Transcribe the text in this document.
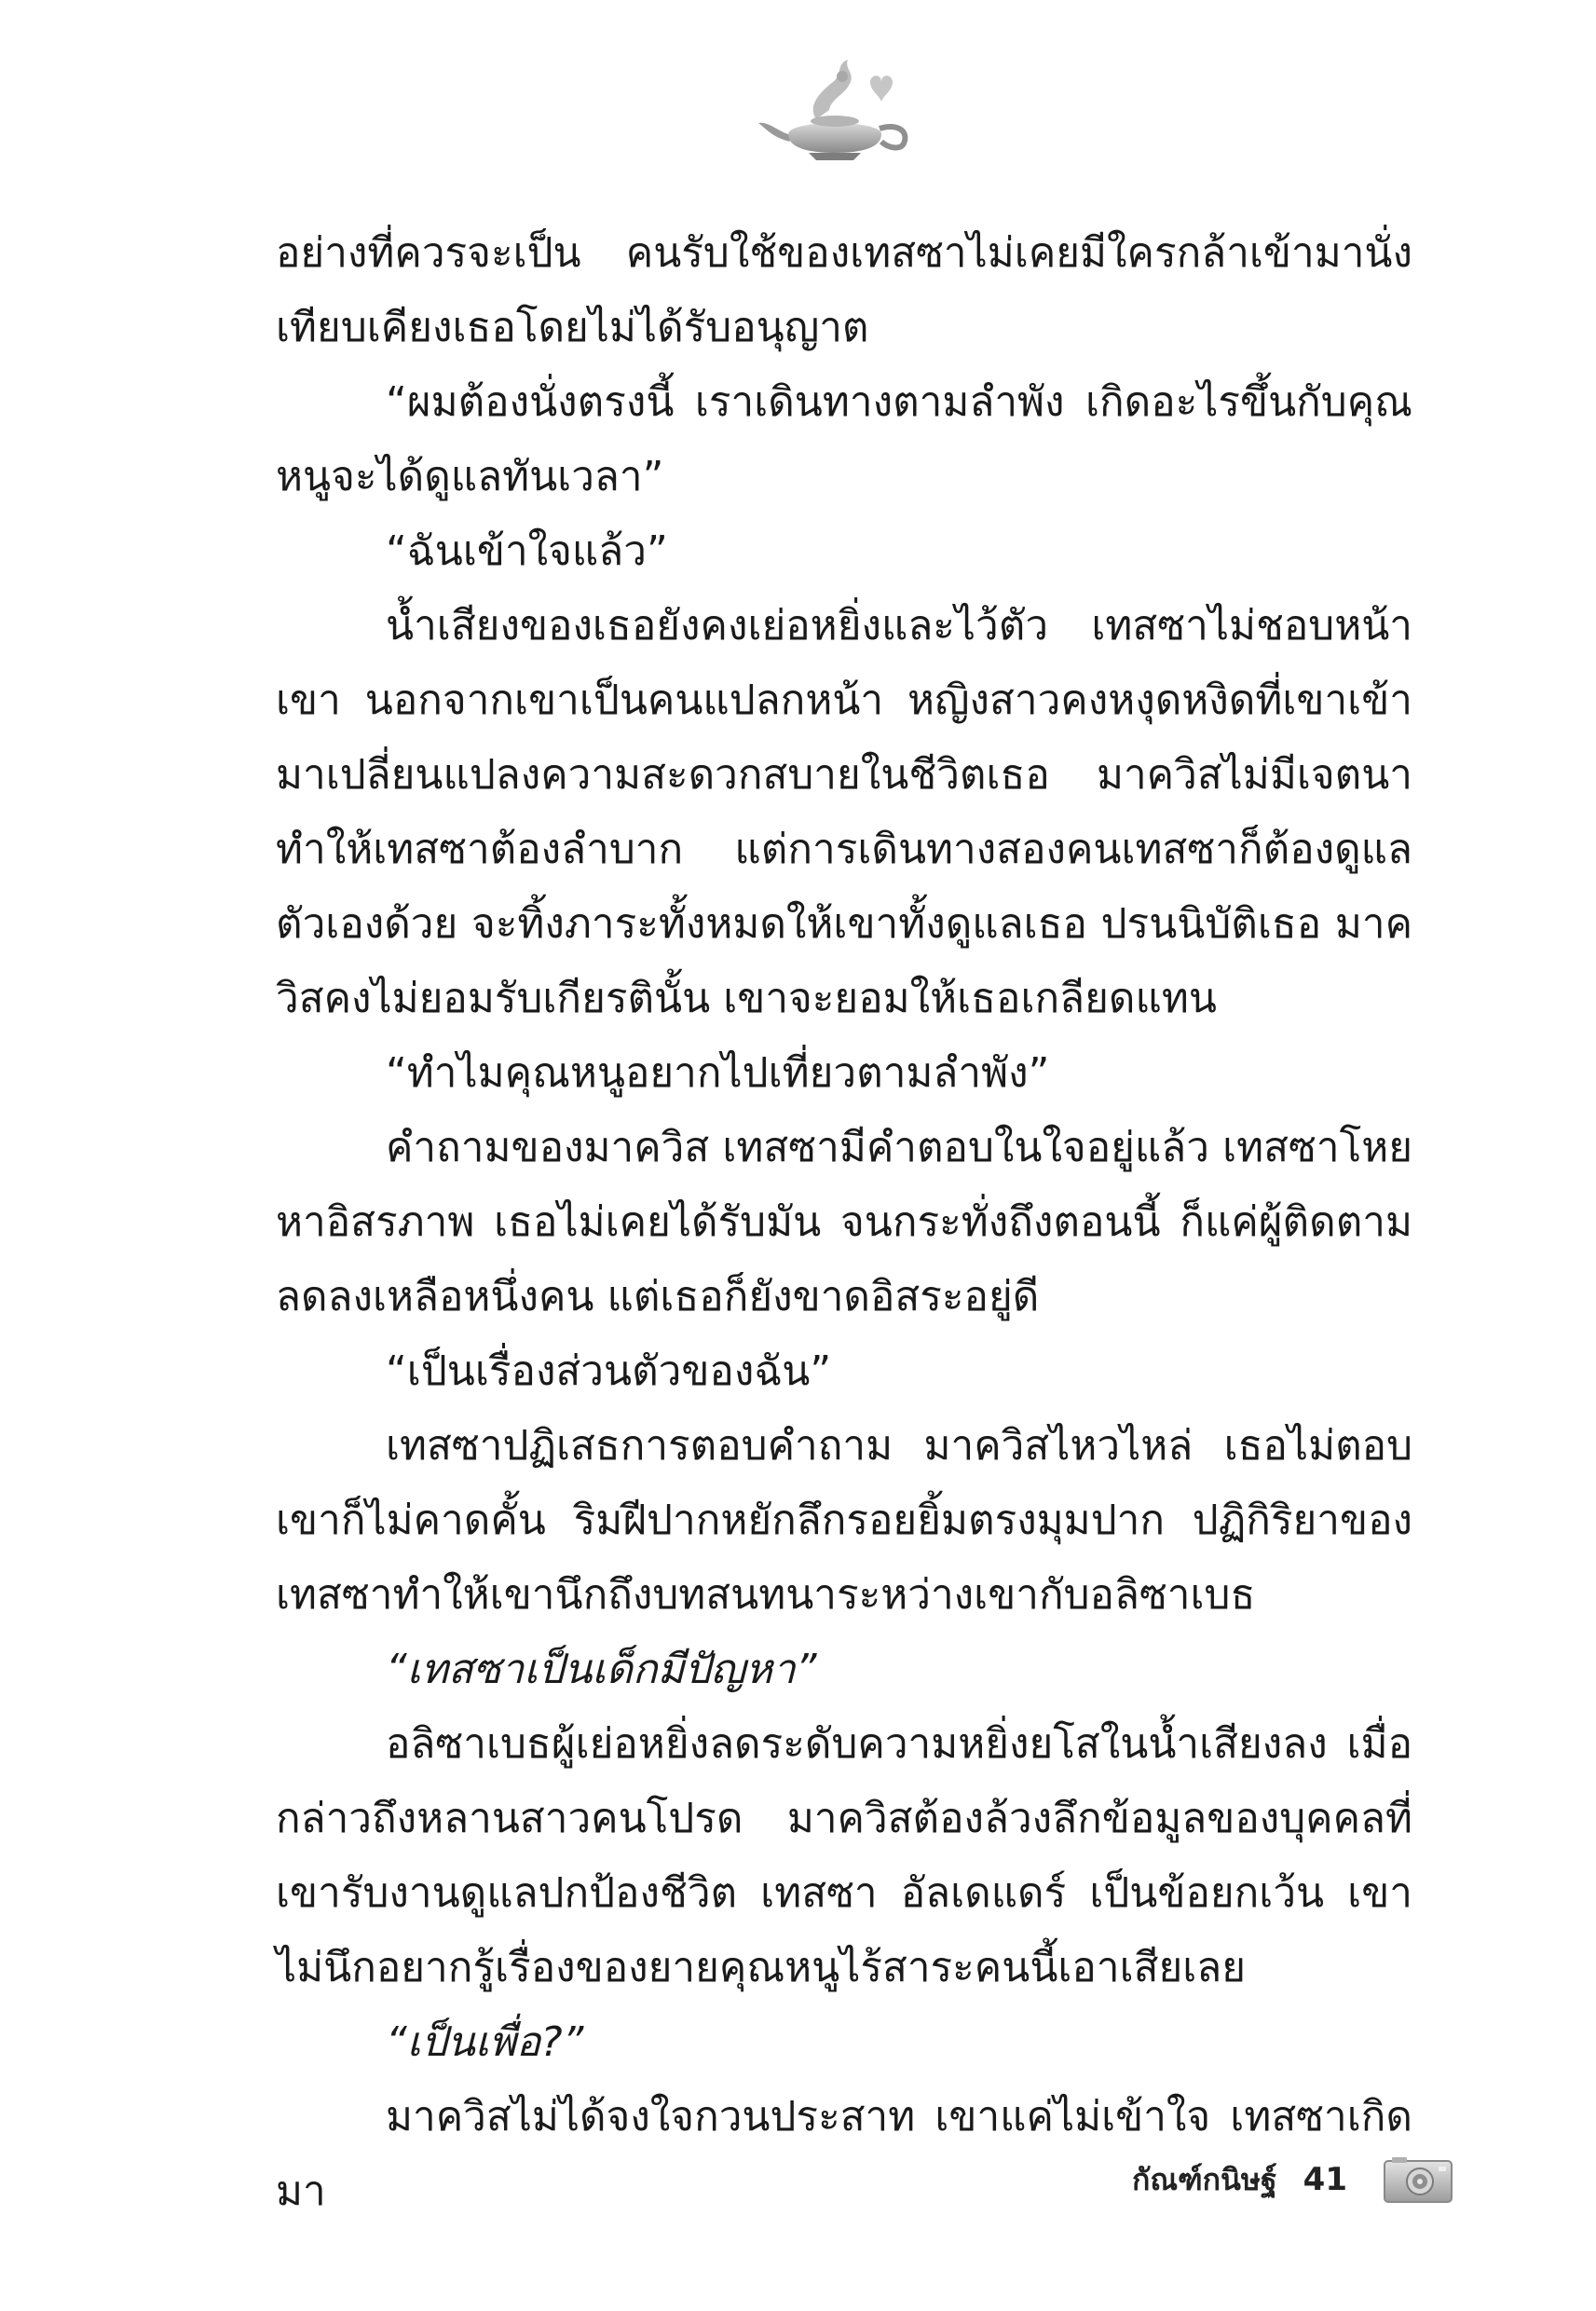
อย่างที่ควรจะเป็น คนรับใช้ของเทสซาไม่เคยมีใครกล้าเข้ามานั่งเทียบเคียงเธอโดยไม่ได้รับอนุญาต

“ผมต้องนั่งตรงนี้ เราเดินทางตามลำพัง เกิดอะไรขึ้นกับคุณหนูจะได้ดูแลทันเวลา”

“ฉันเข้าใจแล้ว”

น้ำเสียงของเธอยังคงเย่อหยิ่งและไว้ตัว เทสซาไม่ชอบหน้าเขา นอกจากเขาเป็นคนแปลกหน้า หญิงสาวคงหงุดหงิดที่เขาเข้ามาเปลี่ยนแปลงความสะดวกสบายในชีวิตเธอ มาควิสไม่มีเจตนาทำให้เทสซาต้องลำบาก แต่การเดินทางสองคนเทสซาก็ต้องดูแลตัวเองด้วย จะทิ้งภาระทั้งหมดให้เขาทั้งดูแลเธอ ปรนนิบัติเธอ มาควิสคงไม่ยอมรับเกียรตินั้น เขาจะยอมให้เธอเกลียดแทน

“ทำไมคุณหนูอยากไปเที่ยวตามลำพัง”

คำถามของมาควิส เทสซามีคำตอบในใจอยู่แล้ว เทสซาโหยหาอิสรภาพ เธอไม่เคยได้รับมัน จนกระทั่งถึงตอนนี้ ก็แค่ผู้ติดตามลดลงเหลือหนึ่งคน แต่เธอก็ยังขาดอิสระอยู่ดี

“เป็นเรื่องส่วนตัวของฉัน”

เทสซาปฏิเสธการตอบคำถาม มาควิสไหวไหล่ เธอไม่ตอบเขาก็ไม่คาดคั้น ริมฝีปากหยักลึกรอยยิ้มตรงมุมปาก ปฏิกิริยาของเทสซาทำให้เขานึกถึงบทสนทนาระหว่างเขากับอลิซาเบธ

“เทสซาเป็นเด็กมีปัญหา”

อลิซาเบธผู้เย่อหยิ่งลดระดับความหยิ่งยโสในน้ำเสียงลง เมื่อกล่าวถึงหลานสาวคนโปรด มาควิสต้องล้วงลึกข้อมูลของบุคคลที่เขารับงานดูแลปกป้องชีวิต เทสซา อัลเดแดร์ เป็นข้อยกเว้น เขาไม่นึกอยากรู้เรื่องของยายคุณหนูไร้สาระคนนี้เอาเสียเลย

“เป็นเพื่อ?”

มาควิสไม่ได้จงใจกวนประสาท เขาแค่ไม่เข้าใจ เทสซาเกิดมา	กัณฑ์กนิษฐ์ 41
